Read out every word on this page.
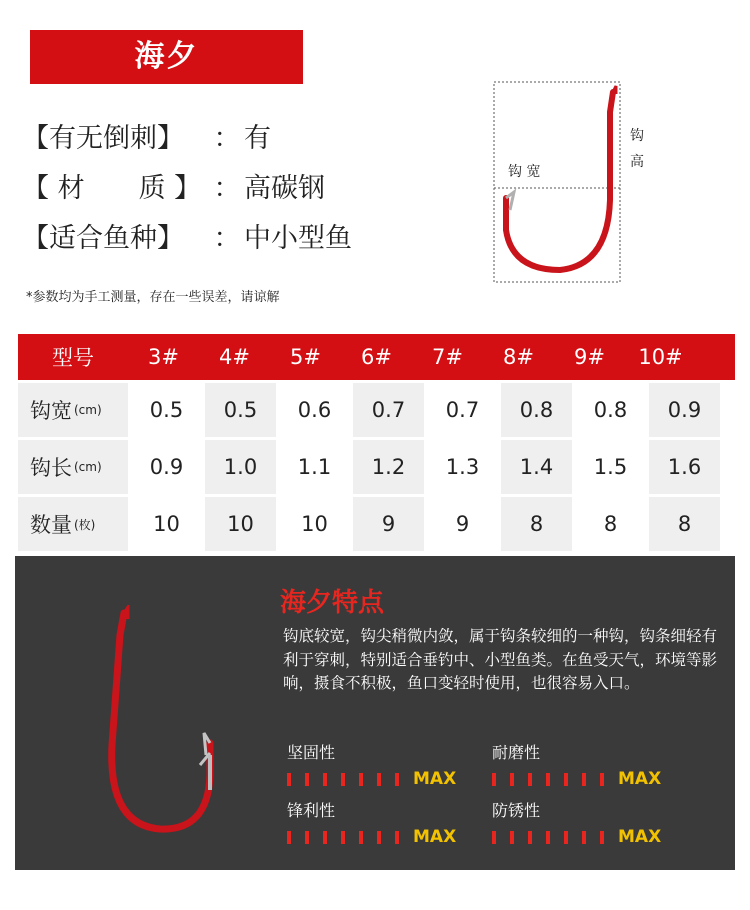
海夕
【有无倒刺】 ： 有
【 材　　质 】 ： 高碳钢
【适合鱼种】 ： 中小型鱼
*参数均为手工测量，存在一些误差，请谅解
钩 宽
钩
高
型号	3#	4#	5#	6#	7#	8#	9#	10#
钩宽 (cm)	0.5	0.5	0.6	0.7	0.7	0.8	0.8	0.9
钩长 (cm)	0.9	1.0	1.1	1.2	1.3	1.4	1.5	1.6
数量 (枚)	10	10	10	9	9	8	8	8
海夕特点
钩底较宽，钩尖稍微内敛，属于钩条较细的一种钩，钩条细轻有利于穿刺，特别适合垂钓中、小型鱼类。在鱼受天气，环境等影响，摄食不积极，鱼口变轻时使用，也很容易入口。
坚固性
MAX
耐磨性
MAX
锋利性
MAX
防锈性
MAX
